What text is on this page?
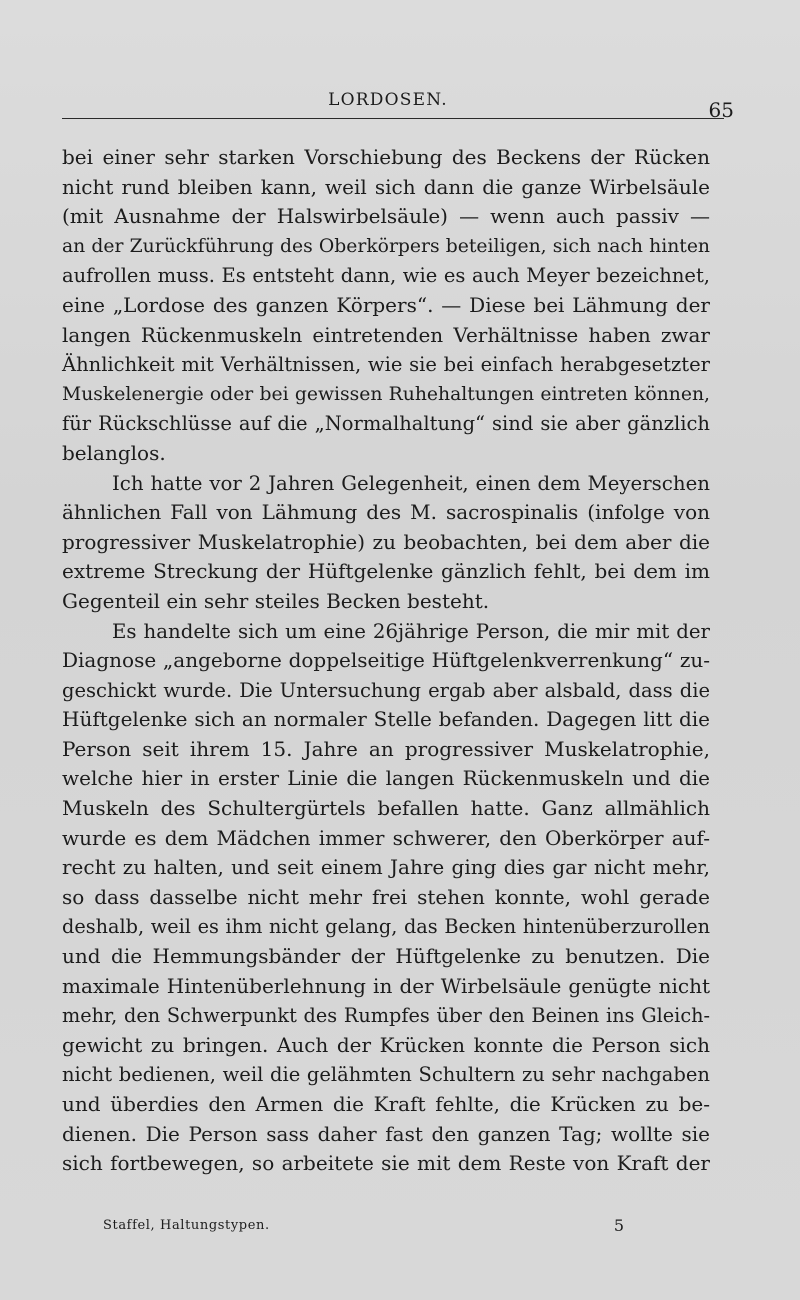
LORDOSEN.	65
bei einer sehr starken Vorschiebung des Beckens der Rücken
nicht rund bleiben kann, weil sich dann die ganze Wirbelsäule
(mit Ausnahme der Halswirbelsäule) — wenn auch passiv —
an der Zurückführung des Oberkörpers beteiligen, sich nach hinten
aufrollen muss. Es entsteht dann, wie es auch Meyer bezeichnet,
eine „Lordose des ganzen Körpers“. — Diese bei Lähmung der
langen Rückenmuskeln eintretenden Verhältnisse haben zwar
Ähnlichkeit mit Verhältnissen, wie sie bei einfach herabgesetzter
Muskelenergie oder bei gewissen Ruhehaltungen eintreten können,
für Rückschlüsse auf die „Normalhaltung“ sind sie aber gänzlich
belanglos.
Ich hatte vor 2 Jahren Gelegenheit, einen dem Meyerschen
ähnlichen Fall von Lähmung des M. sacrospinalis (infolge von
progressiver Muskelatrophie) zu beobachten, bei dem aber die
extreme Streckung der Hüftgelenke gänzlich fehlt, bei dem im
Gegenteil ein sehr steiles Becken besteht.
Es handelte sich um eine 26jährige Person, die mir mit der
Diagnose „angeborne doppelseitige Hüftgelenkverrenkung“ zu-
geschickt wurde. Die Untersuchung ergab aber alsbald, dass die
Hüftgelenke sich an normaler Stelle befanden. Dagegen litt die
Person seit ihrem 15. Jahre an progressiver Muskelatrophie,
welche hier in erster Linie die langen Rückenmuskeln und die
Muskeln des Schultergürtels befallen hatte. Ganz allmählich
wurde es dem Mädchen immer schwerer, den Oberkörper auf-
recht zu halten, und seit einem Jahre ging dies gar nicht mehr,
so dass dasselbe nicht mehr frei stehen konnte, wohl gerade
deshalb, weil es ihm nicht gelang, das Becken hintenüberzurollen
und die Hemmungsbänder der Hüftgelenke zu benutzen. Die
maximale Hintenüberlehnung in der Wirbelsäule genügte nicht
mehr, den Schwerpunkt des Rumpfes über den Beinen ins Gleich-
gewicht zu bringen. Auch der Krücken konnte die Person sich
nicht bedienen, weil die gelähmten Schultern zu sehr nachgaben
und überdies den Armen die Kraft fehlte, die Krücken zu be-
dienen. Die Person sass daher fast den ganzen Tag; wollte sie
sich fortbewegen, so arbeitete sie mit dem Reste von Kraft der
Staffel, Haltungstypen.	5
